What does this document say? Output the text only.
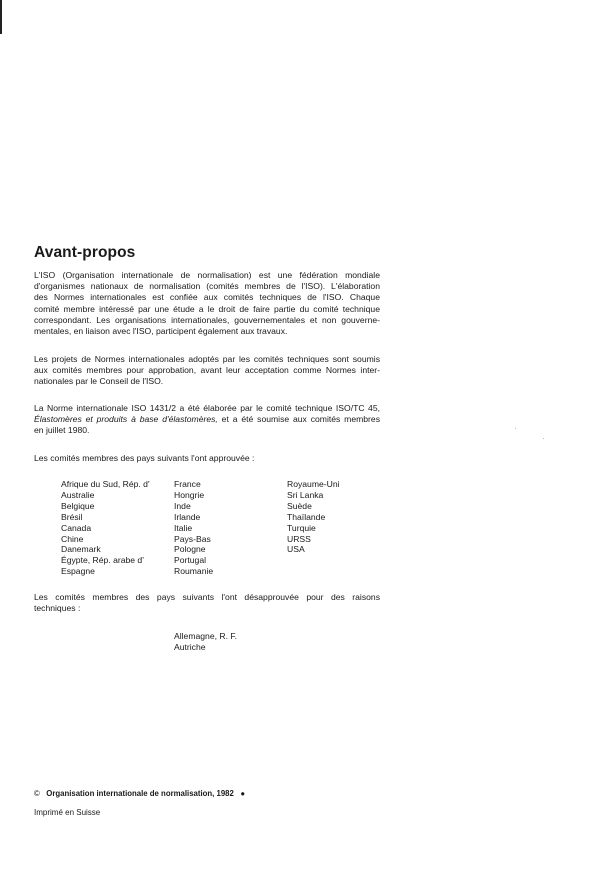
Avant-propos

L'ISO (Organisation internationale de normalisation) est une fédération mondiale
d'organismes nationaux de normalisation (comités membres de l'ISO). L'élaboration
des Normes internationales est confiée aux comités techniques de l'ISO. Chaque
comité membre intéressé par une étude a le droit de faire partie du comité technique
correspondant. Les organisations internationales, gouvernementales et non gouverne-
mentales, en liaison avec l'ISO, participent également aux travaux.

Les projets de Normes internationales adoptés par les comités techniques sont soumis
aux comités membres pour approbation, avant leur acceptation comme Normes inter-
nationales par le Conseil de l'ISO.

La Norme internationale ISO 1431/2 a été élaborée par le comité technique ISO/TC 45,
Élastomères et produits à base d'élastomères, et a été soumise aux comités membres
en juillet 1980.

Les comités membres des pays suivants l'ont approuvée :

Afrique du Sud, Rép. d'
Australie
Belgique
Brésil
Canada
Chine
Danemark
Égypte, Rép. arabe d'
Espagne
France
Hongrie
Inde
Irlande
Italie
Pays-Bas
Pologne
Portugal
Roumanie
Royaume-Uni
Sri Lanka
Suède
Thaïlande
Turquie
URSS
USA

Les comités membres des pays suivants l'ont désapprouvée pour des raisons
techniques :

Allemagne, R. F.
Autriche
© Organisation internationale de normalisation, 1982 ●
Imprimé en Suisse
